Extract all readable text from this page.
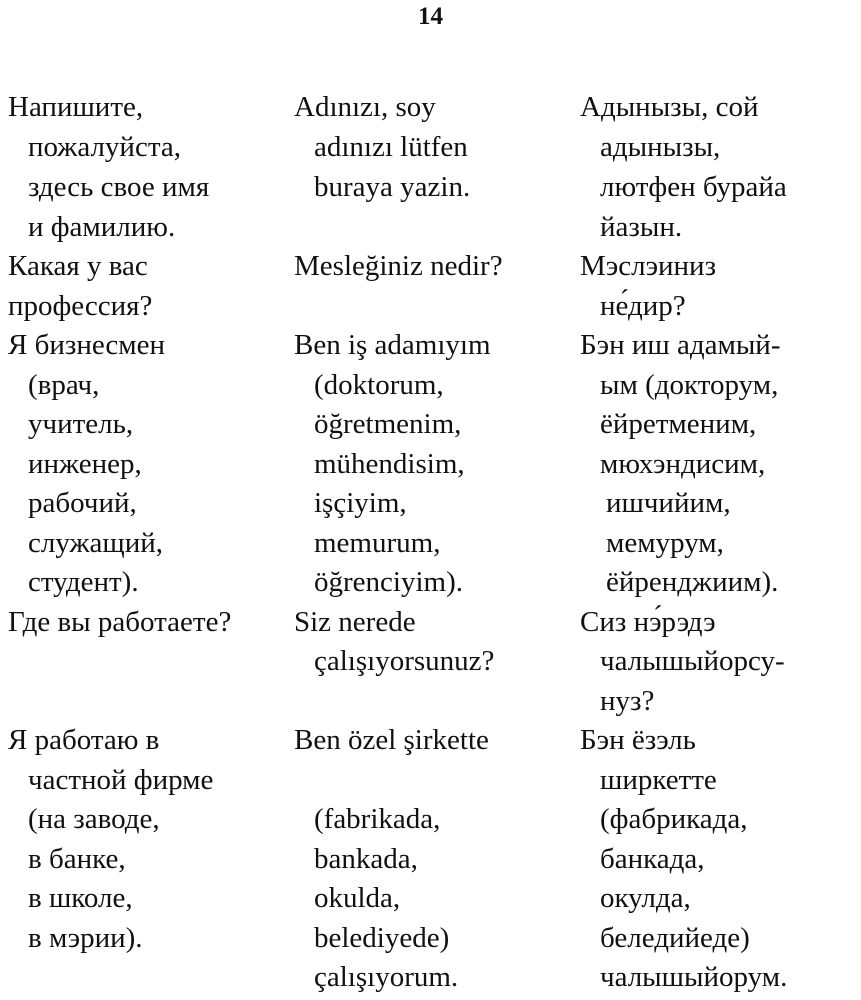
14
Напишите,
пожалуйста,
здесь свое имя
и фамилию.
Какая у вас
профессия?
Я бизнесмен
(врач,
учитель,
инженер,
рабочий,
служащий,
студент).
Где вы работаете?
Я работаю в
частной фирме
(на заводе,
в банке,
в школе,
в мэрии).
Adınızı, soy
adınızı lütfen
buraya yazin.
Mesleğiniz nedir?
Ben iş adamıyım
(doktorum,
öğretmenim,
mühendisim,
işçiyim,
memurum,
öğrenciyim).
Siz nerede
çalışıyorsunuz?
Ben özel şirkette
(fabrikada,
bankada,
okulda,
belediyede)
çalışıyorum.
Адынызы, сой
адынызы,
лютфен бурайа
йазын.
Мэслэиниз
не́дир?
Бэн иш адамый-
ым (докторум,
ёйретменим,
мюхэндисим,
ишчийим,
мемурум,
ёйренджиим).
Сиз нэ́рэдэ
чалышыйорсу-
нуз?
Бэн ёзэль
ширкетте
(фабрикада,
банкада,
окулда,
беледийеде)
чалышыйорум.
